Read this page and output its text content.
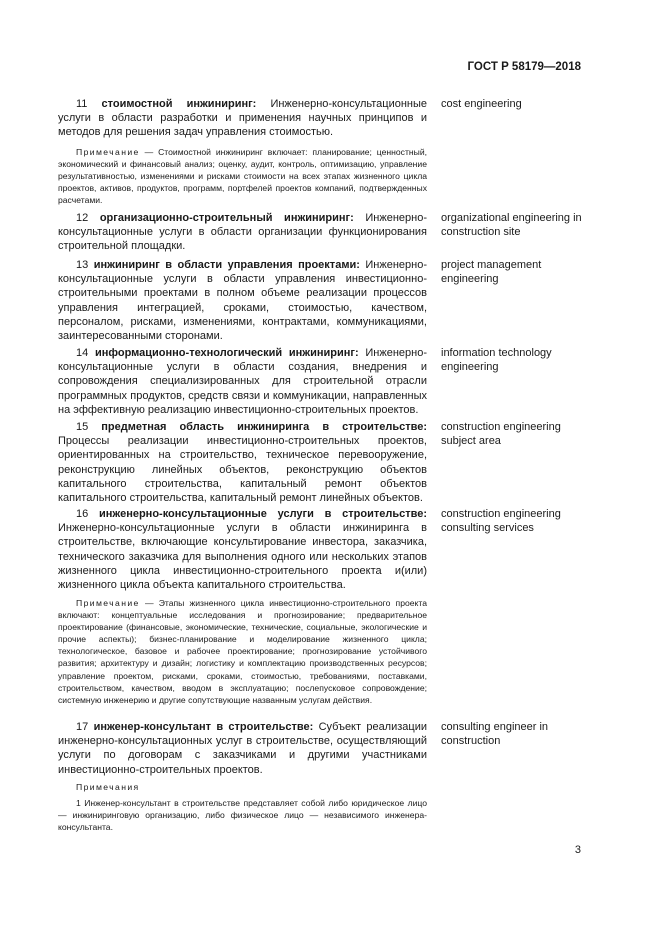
ГОСТ Р 58179—2018

11 стоимостной инжиниринг: Инженерно-консультационные услуги в области разработки и применения научных принципов и методов для решения задач управления стоимостью.

cost engineering

Примечание — Стоимостной инжиниринг включает: планирование; ценностный, экономический и финансовый анализ; оценку, аудит, контроль, оптимизацию, управление результативностью, изменениями и рисками стоимости на всех этапах жизненного цикла проектов, активов, продуктов, программ, портфелей проектов компаний, подтвержденных расчетами.

12 организационно-строительный инжиниринг: Инженерно-консультационные услуги в области организации функционирования строительной площадки.

organizational engineering in construction site

13 инжиниринг в области управления проектами: Инженерно-консультационные услуги в области управления инвестиционно-строительными проектами в полном объеме реализации процессов управления интеграцией, сроками, стоимостью, качеством, персоналом, рисками, изменениями, контрактами, коммуникациями, заинтересованными сторонами.

project management engineering

14 информационно-технологический инжиниринг: Инженерно-консультационные услуги в области создания, внедрения и сопровождения специализированных для строительной отрасли программных продуктов, средств связи и коммуникации, направленных на эффективную реализацию инвестиционно-строительных проектов.

information technology engineering

15 предметная область инжиниринга в строительстве: Процессы реализации инвестиционно-строительных проектов, ориентированных на строительство, техническое перевооружение, реконструкцию линейных объектов, реконструкцию объектов капитального строительства, капитальный ремонт объектов капитального строительства, капитальный ремонт линейных объектов.

construction engineering subject area

16 инженерно-консультационные услуги в строительстве: Инженерно-консультационные услуги в области инжиниринга в строительстве, включающие консультирование инвестора, заказчика, технического заказчика для выполнения одного или нескольких этапов жизненного цикла инвестиционно-строительного проекта и(или) жизненного цикла объекта капитального строительства.

construction engineering consulting services

Примечание — Этапы жизненного цикла инвестиционно-строительного проекта включают: концептуальные исследования и прогнозирование; предварительное проектирование (финансовые, экономические, технические, социальные, экологические и прочие аспекты); бизнес-планирование и моделирование жизненного цикла; технологическое, базовое и рабочее проектирование; прогнозирование устойчивого развития; архитектуру и дизайн; логистику и комплектацию производственных ресурсов; управление проектом, рисками, сроками, стоимостью, требованиями, поставками, строительством, качеством, вводом в эксплуатацию; послепусковое сопровождение; системную инженерию и другие сопутствующие названным услугам действия.

17 инженер-консультант в строительстве: Субъект реализации инженерно-консультационных услуг в строительстве, осуществляющий услуги по договорам с заказчиками и другими участниками инвестиционно-строительных проектов.

consulting engineer in construction

Примечания

1 Инженер-консультант в строительстве представляет собой либо юридическое лицо — инжиниринговую организацию, либо физическое лицо — независимого инженера-консультанта.

3
